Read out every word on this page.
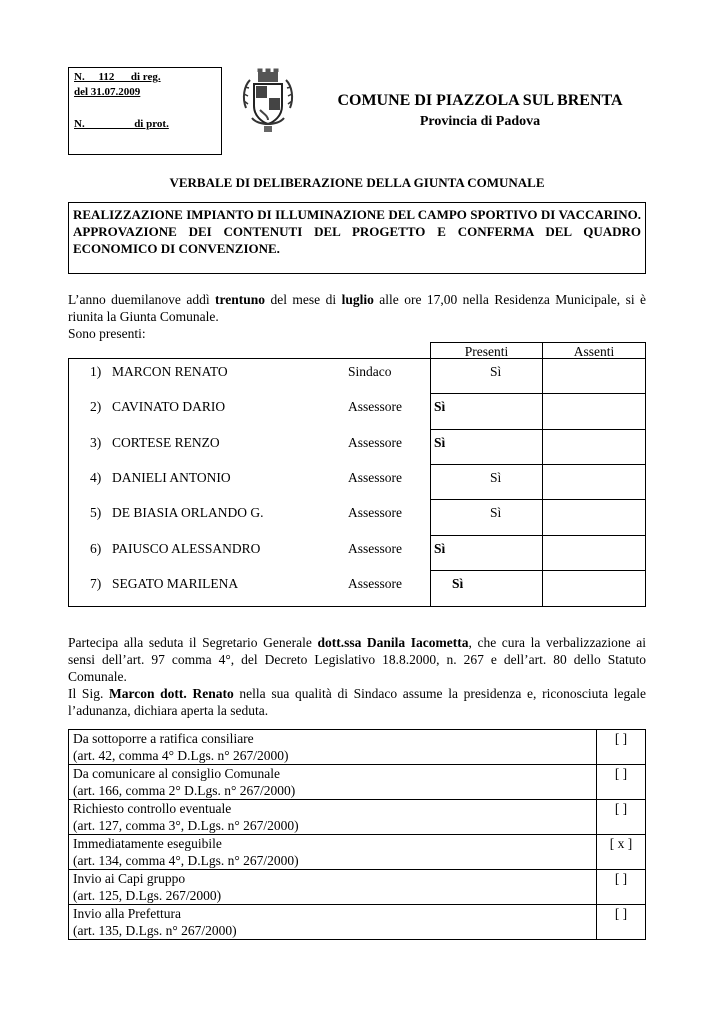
N.     112      di reg.
del 31.07.2009
N.                  di prot.
COMUNE DI PIAZZOLA SUL BRENTA
Provincia di Padova
VERBALE DI DELIBERAZIONE DELLA GIUNTA COMUNALE
REALIZZAZIONE IMPIANTO DI ILLUMINAZIONE DEL CAMPO SPORTIVO DI VACCARINO. APPROVAZIONE DEI CONTENUTI DEL PROGETTO E CONFERMA DEL QUADRO ECONOMICO DI CONVENZIONE.
L’anno duemilanove addì trentuno del mese di luglio alle ore 17,00 nella Residenza Municipale, si è
riunita la Giunta Comunale.
Sono presenti:
Presenti	Assenti
1) MARCON RENATO	Sindaco	Sì
2) CAVINATO DARIO	Assessore Sì
3) CORTESE RENZO	Assessore Sì
4) DANIELI ANTONIO	Assessore	Sì
5) DE BIASIA ORLANDO G.	Assessore	Sì
6) PAIUSCO ALESSANDRO	Assessore Sì
7) SEGATO MARILENA	Assessore	Sì
Partecipa alla seduta il Segretario Generale dott.ssa Danila Iacometta, che cura la verbalizzazione ai
sensi dell’art. 97 comma 4°, del Decreto Legislativo 18.8.2000, n. 267 e dell’art. 80 dello Statuto
Comunale.
Il Sig. Marcon dott. Renato nella sua qualità di Sindaco assume la presidenza e, riconosciuta legale
l’adunanza, dichiara aperta la seduta.
Da sottoporre a ratifica consiliare
(art. 42, comma 4° D.Lgs. n° 267/2000)	[ ]

Da comunicare al consiglio Comunale
(art. 166, comma 2° D.Lgs. n° 267/2000)	[ ]

Richiesto controllo eventuale
(art. 127, comma 3°, D.Lgs. n° 267/2000)	[ ]

Immediatamente eseguibile
(art. 134, comma 4°, D.Lgs. n° 267/2000)	[ x ]

Invio ai Capi gruppo
(art. 125, D.Lgs. 267/2000)	[ ]

Invio alla Prefettura
(art. 135, D.Lgs. n° 267/2000)	[ ]
